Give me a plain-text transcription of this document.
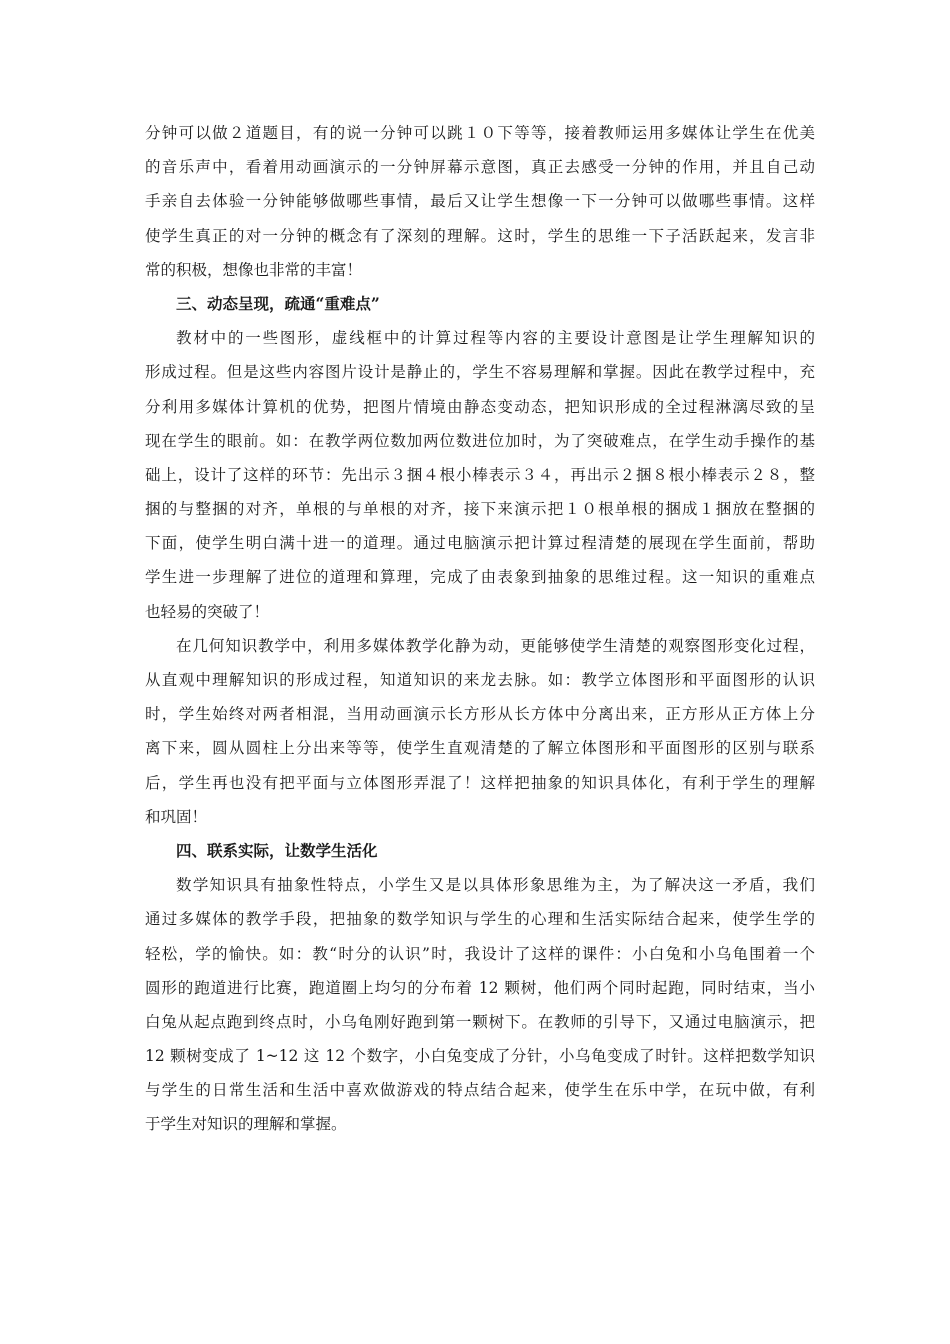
分钟可以做２道题目，有的说一分钟可以跳１０下等等，接着教师运用多媒体让学生在优美
的音乐声中，看着用动画演示的一分钟屏幕示意图，真正去感受一分钟的作用，并且自己动
手亲自去体验一分钟能够做哪些事情，最后又让学生想像一下一分钟可以做哪些事情。这样
使学生真正的对一分钟的概念有了深刻的理解。这时，学生的思维一下子活跃起来，发言非
常的积极，想像也非常的丰富！
三、动态呈现，疏通“重难点”
教材中的一些图形，虚线框中的计算过程等内容的主要设计意图是让学生理解知识的
形成过程。但是这些内容图片设计是静止的，学生不容易理解和掌握。因此在教学过程中，充
分利用多媒体计算机的优势，把图片情境由静态变动态，把知识形成的全过程淋漓尽致的呈
现在学生的眼前。如：在教学两位数加两位数进位加时，为了突破难点，在学生动手操作的基
础上，设计了这样的环节：先出示３捆４根小棒表示３４，再出示２捆８根小棒表示２８，整
捆的与整捆的对齐，单根的与单根的对齐，接下来演示把１０根单根的捆成１捆放在整捆的
下面，使学生明白满十进一的道理。通过电脑演示把计算过程清楚的展现在学生面前，帮助
学生进一步理解了进位的道理和算理，完成了由表象到抽象的思维过程。这一知识的重难点
也轻易的突破了！
在几何知识教学中，利用多媒体教学化静为动，更能够使学生清楚的观察图形变化过程，
从直观中理解知识的形成过程，知道知识的来龙去脉。如：教学立体图形和平面图形的认识
时，学生始终对两者相混，当用动画演示长方形从长方体中分离出来，正方形从正方体上分
离下来，圆从圆柱上分出来等等，使学生直观清楚的了解立体图形和平面图形的区别与联系
后，学生再也没有把平面与立体图形弄混了！这样把抽象的知识具体化，有利于学生的理解
和巩固！
四、联系实际，让数学生活化
数学知识具有抽象性特点，小学生又是以具体形象思维为主，为了解决这一矛盾，我们
通过多媒体的教学手段，把抽象的数学知识与学生的心理和生活实际结合起来，使学生学的
轻松，学的愉快。如：教“时分的认识”时，我设计了这样的课件：小白兔和小乌龟围着一个
圆形的跑道进行比赛，跑道圈上均匀的分布着 12 颗树，他们两个同时起跑，同时结束，当小
白兔从起点跑到终点时，小乌龟刚好跑到第一颗树下。在教师的引导下，又通过电脑演示，把
12 颗树变成了 1~12 这 12 个数字，小白兔变成了分针，小乌龟变成了时针。这样把数学知识
与学生的日常生活和生活中喜欢做游戏的特点结合起来，使学生在乐中学，在玩中做，有利
于学生对知识的理解和掌握。
